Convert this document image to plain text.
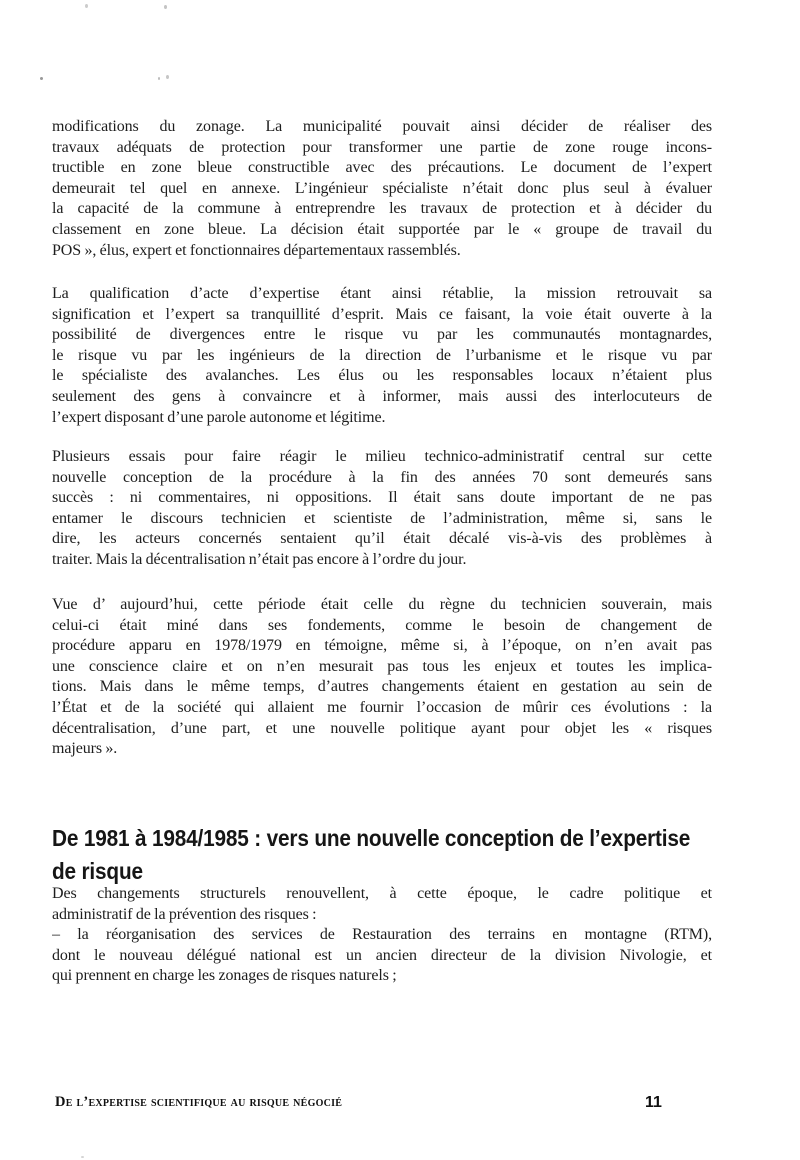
modifications du zonage. La municipalité pouvait ainsi décider de réaliser des
travaux adéquats de protection pour transformer une partie de zone rouge incons-
tructible en zone bleue constructible avec des précautions. Le document de l’expert
demeurait tel quel en annexe. L’ingénieur spécialiste n’était donc plus seul à évaluer
la capacité de la commune à entreprendre les travaux de protection et à décider du
classement en zone bleue. La décision était supportée par le « groupe de travail du
POS », élus, expert et fonctionnaires départementaux rassemblés.
La qualification d’acte d’expertise étant ainsi rétablie, la mission retrouvait sa
signification et l’expert sa tranquillité d’esprit. Mais ce faisant, la voie était ouverte à la
possibilité de divergences entre le risque vu par les communautés montagnardes,
le risque vu par les ingénieurs de la direction de l’urbanisme et le risque vu par
le spécialiste des avalanches. Les élus ou les responsables locaux n’étaient plus
seulement des gens à convaincre et à informer, mais aussi des interlocuteurs de
l’expert disposant d’une parole autonome et légitime.
Plusieurs essais pour faire réagir le milieu technico-administratif central sur cette
nouvelle conception de la procédure à la fin des années 70 sont demeurés sans
succès : ni commentaires, ni oppositions. Il était sans doute important de ne pas
entamer le discours technicien et scientiste de l’administration, même si, sans le
dire, les acteurs concernés sentaient qu’il était décalé vis-à-vis des problèmes à
traiter. Mais la décentralisation n’était pas encore à l’ordre du jour.
Vue d’ aujourd’hui, cette période était celle du règne du technicien souverain, mais
celui-ci était miné dans ses fondements, comme le besoin de changement de
procédure apparu en 1978/1979 en témoigne, même si, à l’époque, on n’en avait pas
une conscience claire et on n’en mesurait pas tous les enjeux et toutes les implica-
tions. Mais dans le même temps, d’autres changements étaient en gestation au sein de
l’État et de la société qui allaient me fournir l’occasion de mûrir ces évolutions : la
décentralisation, d’une part, et une nouvelle politique ayant pour objet les « risques
majeurs ».
De 1981 à 1984/1985 : vers une nouvelle conception de l’expertise
de risque
Des changements structurels renouvellent, à cette époque, le cadre politique et
administratif de la prévention des risques :
– la réorganisation des services de Restauration des terrains en montagne (RTM),
dont le nouveau délégué national est un ancien directeur de la division Nivologie, et
qui prennent en charge les zonages de risques naturels ;
De l’expertise scientifique au risque négocié	11
